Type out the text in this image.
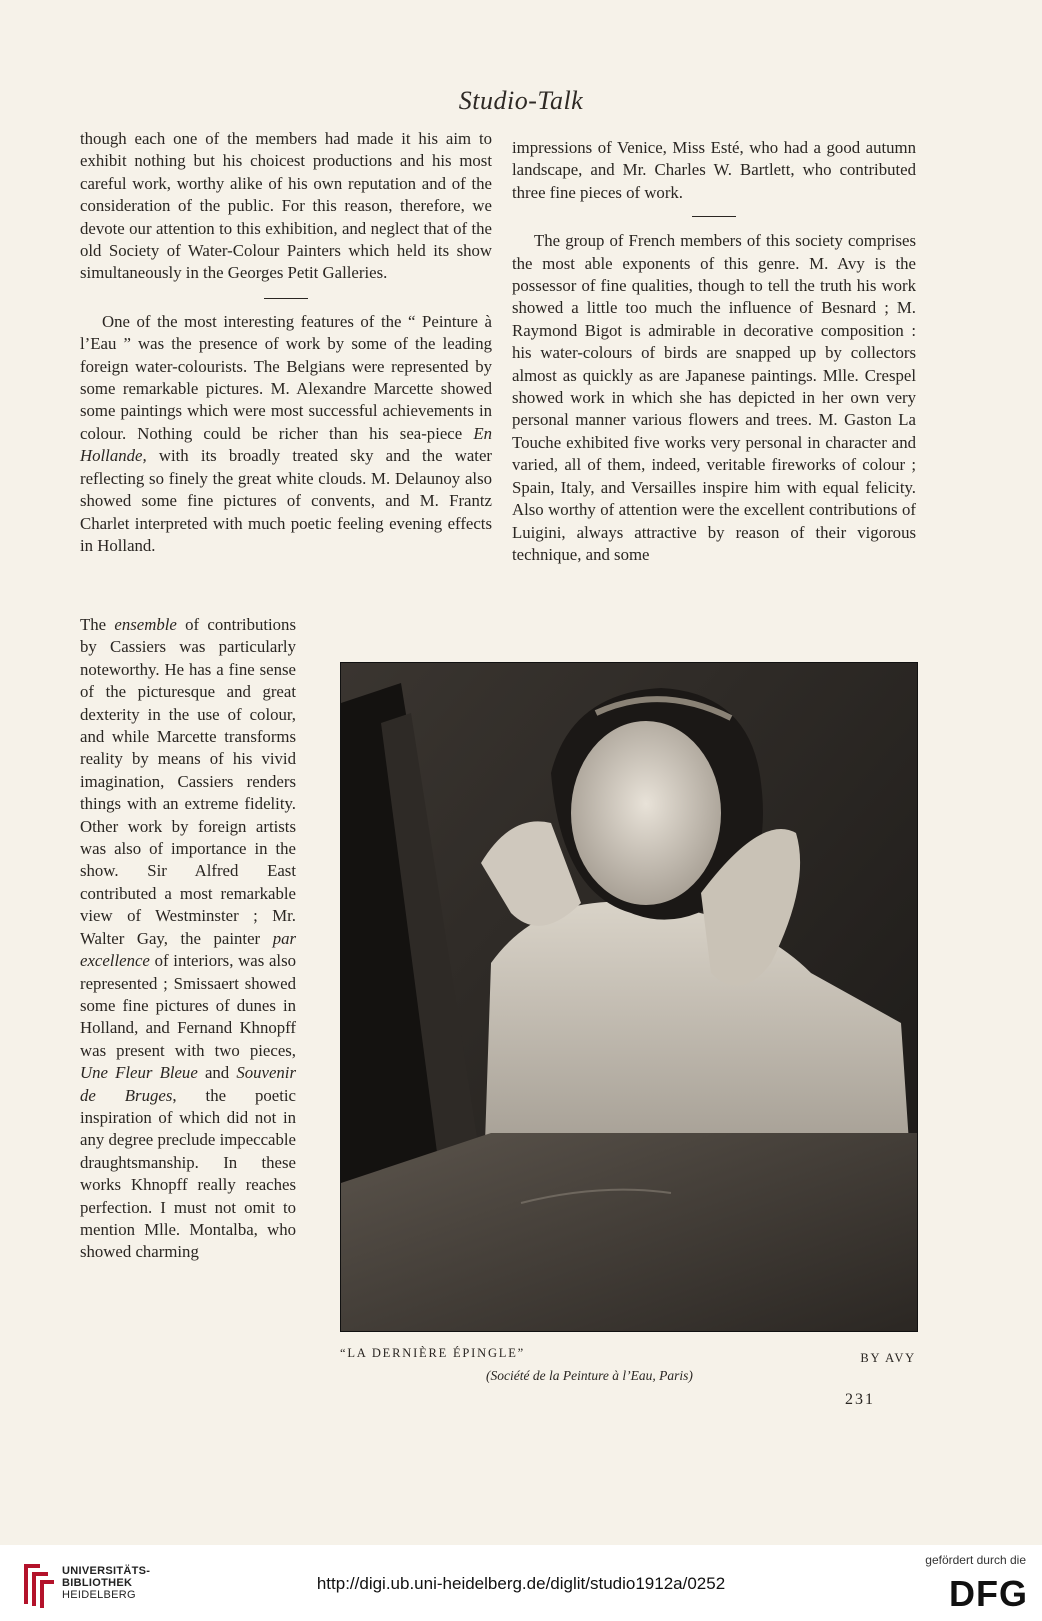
Studio-Talk

though each one of the members had made it his aim to exhibit nothing but his choicest productions and his most careful work, worthy alike of his own reputation and of the consideration of the public. For this reason, therefore, we devote our attention to this exhibition, and neglect that of the old Society of Water-Colour Painters which held its show simultaneously in the Georges Petit Galleries.

One of the most interesting features of the “ Peinture à l’Eau ” was the presence of work by some of the leading foreign water-colourists. The Belgians were represented by some remarkable pictures. M. Alexandre Marcette showed some paintings which were most successful achievements in colour. Nothing could be richer than his sea-piece En Hollande, with its broadly treated sky and the water reflecting so finely the great white clouds. M. Delaunoy also showed some fine pictures of convents, and M. Frantz Charlet interpreted with much poetic feeling evening effects in Holland.

The ensemble of contributions by Cassiers was particularly noteworthy. He has a fine sense of the picturesque and great dexterity in the use of colour, and while Marcette transforms reality by means of his vivid imagination, Cassiers renders things with an extreme fidelity. Other work by foreign artists was also of importance in the show. Sir Alfred East contributed a most remarkable view of Westminster ; Mr. Walter Gay, the painter par excellence of interiors, was also represented ; Smissaert showed some fine pictures of dunes in Holland, and Fernand Khnopff was present with two pieces, Une Fleur Bleue and Souvenir de Bruges, the poetic inspiration of which did not in any degree preclude impeccable draughtsmanship. In these works Khnopff really reaches perfection. I must not omit to mention Mlle. Montalba, who showed charming

impressions of Venice, Miss Esté, who had a good autumn landscape, and Mr. Charles W. Bartlett, who contributed three fine pieces of work.

The group of French members of this society comprises the most able exponents of this genre. M. Avy is the possessor of fine qualities, though to tell the truth his work showed a little too much the influence of Besnard ; M. Raymond Bigot is admirable in decorative composition : his water-colours of birds are snapped up by collectors almost as quickly as are Japanese paintings. Mlle. Crespel showed work in which she has depicted in her own very personal manner various flowers and trees. M. Gaston La Touche exhibited five works very personal in character and varied, all of them, indeed, veritable fireworks of colour ; Spain, Italy, and Versailles inspire him with equal felicity. Also worthy of attention were the excellent contributions of Luigini, always attractive by reason of their vigorous technique, and some

“LA DERNIÈRE ÉPINGLE”	BY AVY
(Société de la Peinture à l’Eau, Paris)
231
UNIVERSITÄTS-
BIBLIOTHEK
HEIDELBERG
http://digi.ub.uni-heidelberg.de/diglit/studio1912a/0252
gefördert durch die
DFG
